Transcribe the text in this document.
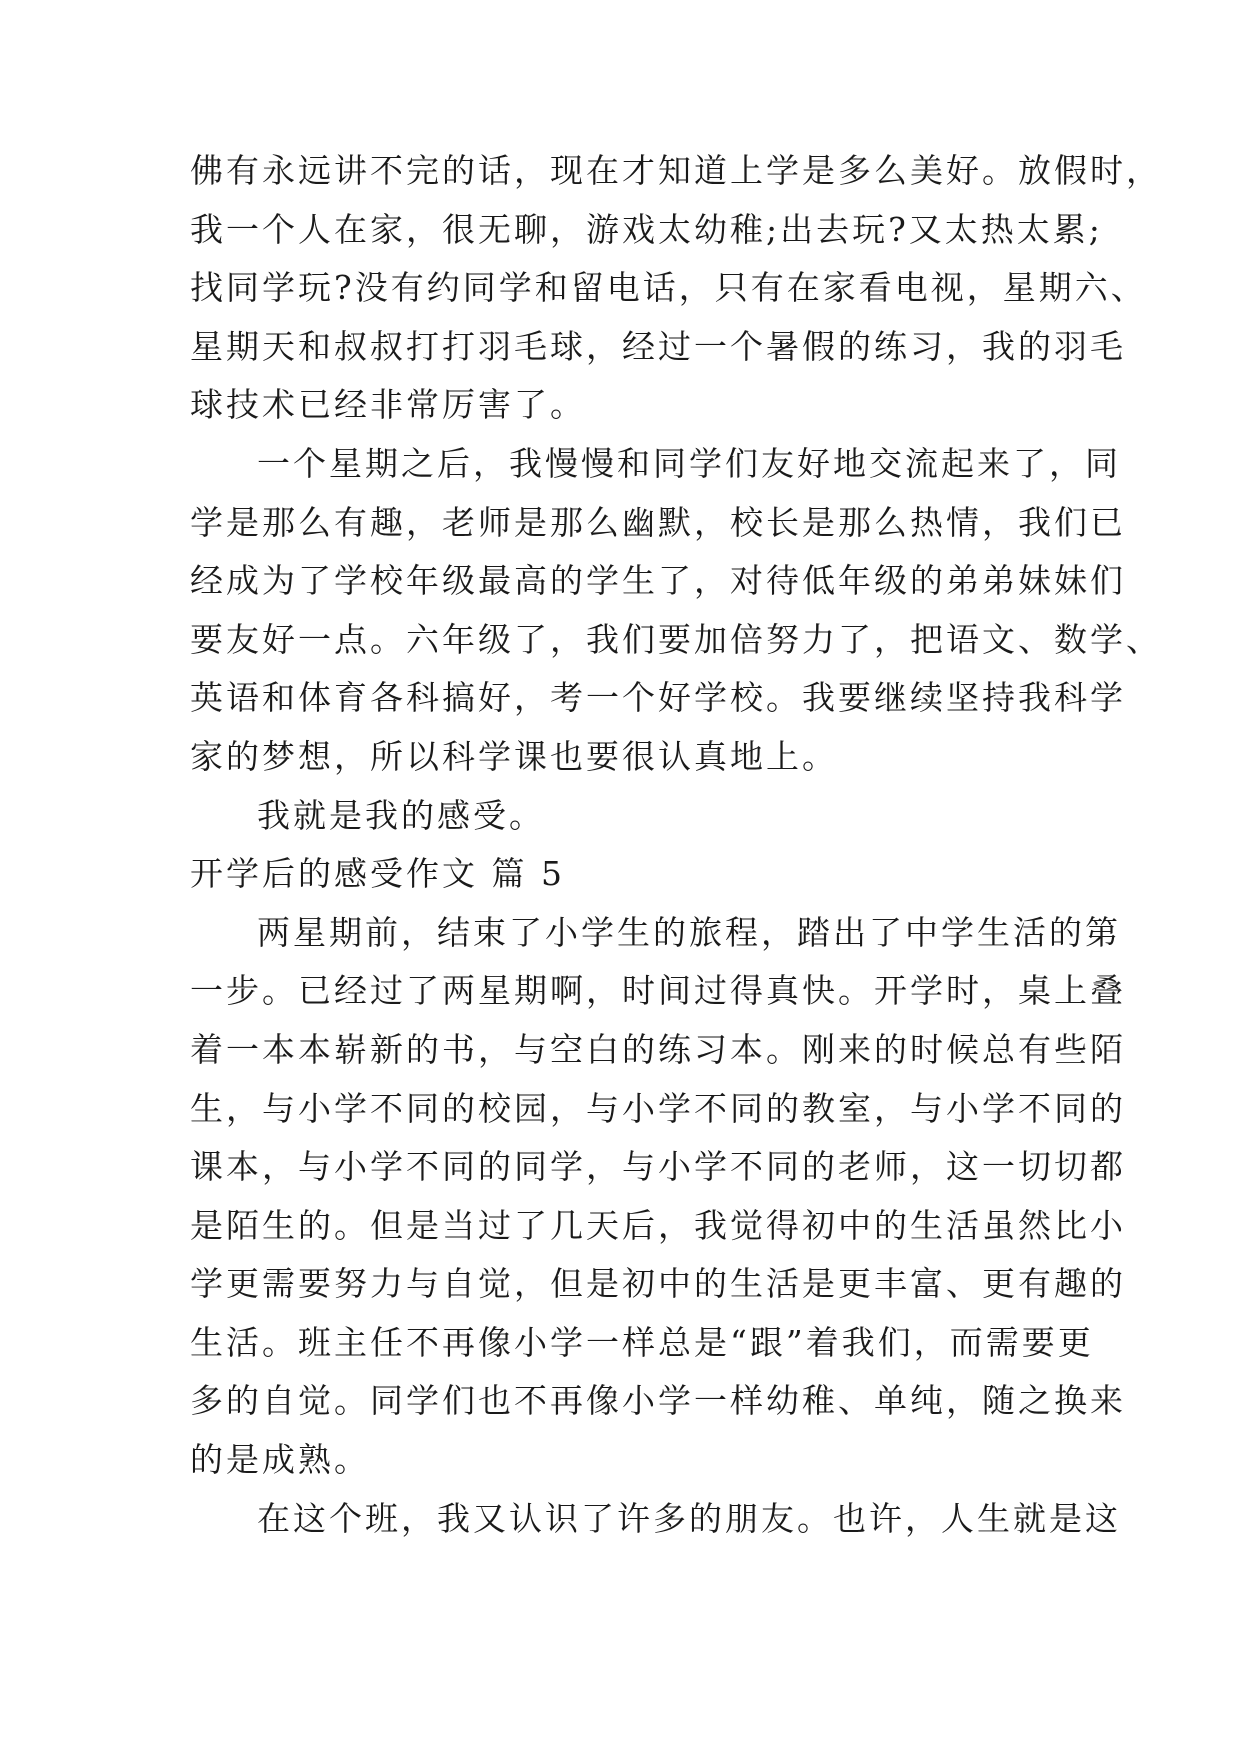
佛有永远讲不完的话，现在才知道上学是多么美好。放假时，
我一个人在家，很无聊，游戏太幼稚;出去玩?又太热太累;
找同学玩?没有约同学和留电话，只有在家看电视，星期六、
星期天和叔叔打打羽毛球，经过一个暑假的练习，我的羽毛
球技术已经非常厉害了。
一个星期之后，我慢慢和同学们友好地交流起来了，同
学是那么有趣，老师是那么幽默，校长是那么热情，我们已
经成为了学校年级最高的学生了，对待低年级的弟弟妹妹们
要友好一点。六年级了，我们要加倍努力了，把语文、数学、
英语和体育各科搞好，考一个好学校。我要继续坚持我科学
家的梦想，所以科学课也要很认真地上。
我就是我的感受。
开学后的感受作文 篇 5
两星期前，结束了小学生的旅程，踏出了中学生活的第
一步。已经过了两星期啊，时间过得真快。开学时，桌上叠
着一本本崭新的书，与空白的练习本。刚来的时候总有些陌
生，与小学不同的校园，与小学不同的教室，与小学不同的
课本，与小学不同的同学，与小学不同的老师，这一切切都
是陌生的。但是当过了几天后，我觉得初中的生活虽然比小
学更需要努力与自觉，但是初中的生活是更丰富、更有趣的
生活。班主任不再像小学一样总是“跟”着我们，而需要更
多的自觉。同学们也不再像小学一样幼稚、单纯，随之换来
的是成熟。
在这个班，我又认识了许多的朋友。也许，人生就是这
